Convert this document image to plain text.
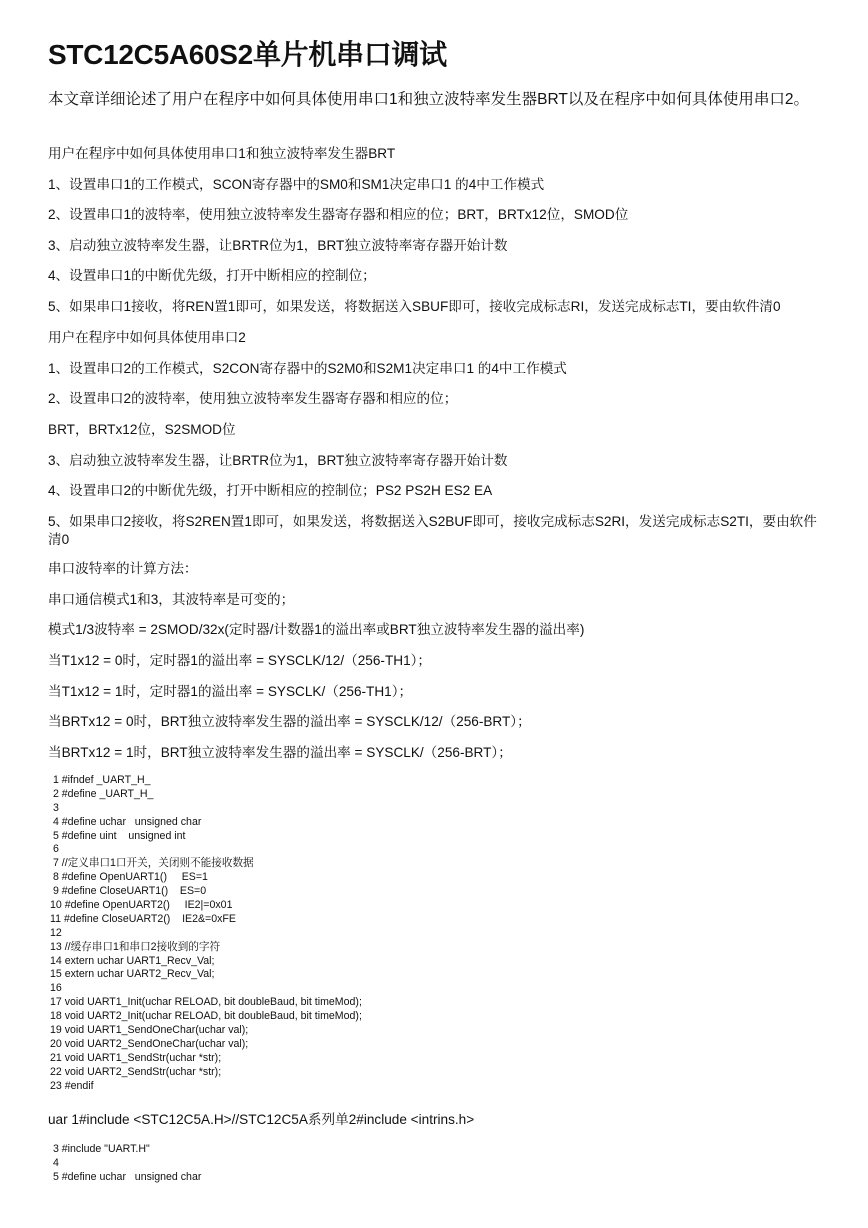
STC12C5A60S2单片机串口调试

本文章详细论述了用户在程序中如何具体使用串口1和独立波特率发生器BRT以及在程序中如何具体使用串口2。

用户在程序中如何具体使用串口1和独立波特率发生器BRT

1、设置串口1的工作模式，SCON寄存器中的SM0和SM1决定串口1 的4中工作模式

2、设置串口1的波特率，使用独立波特率发生器寄存器和相应的位；BRT，BRTx12位，SMOD位

3、启动独立波特率发生器，让BRTR位为1，BRT独立波特率寄存器开始计数

4、设置串口1的中断优先级，打开中断相应的控制位；

5、如果串口1接收，将REN置1即可，如果发送，将数据送入SBUF即可，接收完成标志RI，发送完成标志TI，要由软件清0

用户在程序中如何具体使用串口2

1、设置串口2的工作模式，S2CON寄存器中的S2M0和S2M1决定串口1 的4中工作模式

2、设置串口2的波特率，使用独立波特率发生器寄存器和相应的位；

BRT，BRTx12位，S2SMOD位

3、启动独立波特率发生器，让BRTR位为1，BRT独立波特率寄存器开始计数

4、设置串口2的中断优先级，打开中断相应的控制位；PS2 PS2H ES2 EA

5、如果串口2接收，将S2REN置1即可，如果发送，将数据送入S2BUF即可，接收完成标志S2RI，发送完成标志S2TI，要由软件清0

串口波特率的计算方法：

串口通信模式1和3，其波特率是可变的；

模式1/3波特率 = 2SMOD/32x(定时器/计数器1的溢出率或BRT独立波特率发生器的溢出率)

当T1x12 = 0时，定时器1的溢出率 = SYSCLK/12/（256-TH1）；

当T1x12 = 1时，定时器1的溢出率 = SYSCLK/（256-TH1）；

当BRTx12 = 0时，BRT独立波特率发生器的溢出率 = SYSCLK/12/（256-BRT）；

当BRTx12 = 1时，BRT独立波特率发生器的溢出率 = SYSCLK/（256-BRT）；

1 #ifndef _UART_H_
2 #define _UART_H_
3
4 #define uchar   unsigned char
5 #define uint    unsigned int
6
7 //定义串口1口开关，关闭则不能接收数据
8 #define OpenUART1()     ES=1
9 #define CloseUART1()    ES=0
10 #define OpenUART2()     IE2|=0x01
11 #define CloseUART2()    IE2&=0xFE
12
13 //缓存串口1和串口2接收到的字符
14 extern uchar UART1_Recv_Val;
15 extern uchar UART2_Recv_Val;
16
17 void UART1_Init(uchar RELOAD, bit doubleBaud, bit timeMod);
18 void UART2_Init(uchar RELOAD, bit doubleBaud, bit timeMod);
19 void UART1_SendOneChar(uchar val);
20 void UART2_SendOneChar(uchar val);
21 void UART1_SendStr(uchar *str);
22 void UART2_SendStr(uchar *str);
23 #endif

uar 1#include <STC12C5A.H>//STC12C5A系列单2#include <intrins.h>

3 #include "UART.H"
4
5 #define uchar   unsigned char
